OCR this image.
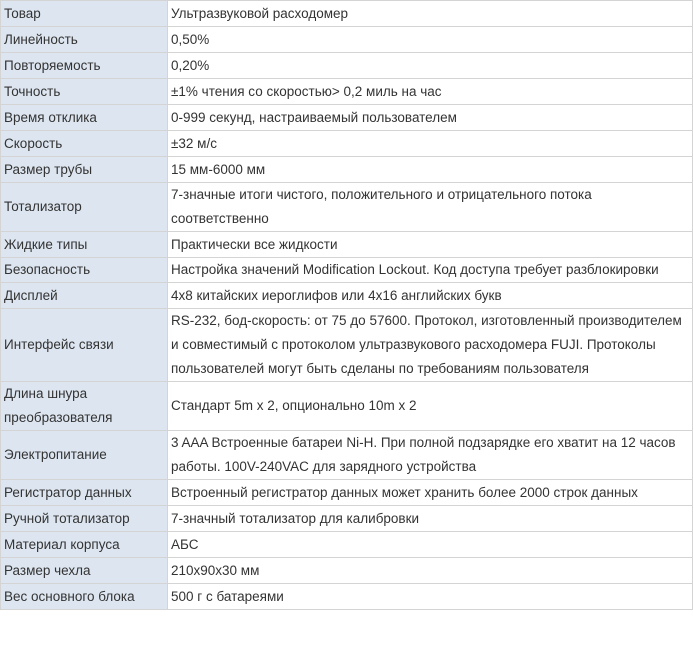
Товар	Ультразвуковой расходомер
Линейность	0,50%
Повторяемость	0,20%
Точность	±1% чтения со скоростью> 0,2 миль на час
Время отклика	0-999 секунд, настраиваемый пользователем
Скорость	±32 м/с
Размер трубы	15 мм-6000 мм
Тотализатор	7-значные итоги чистого, положительного и отрицательного потока соответственно
Жидкие типы	Практически все жидкости
Безопасность	Настройка значений Modification Lockout. Код доступа требует разблокировки
Дисплей	4x8 китайских иероглифов или 4x16 английских букв
Интерфейс связи	RS-232, бод-скорость: от 75 до 57600. Протокол, изготовленный производителем и совместимый с протоколом ультразвукового расходомера FUJI. Протоколы пользователей могут быть сделаны по требованиям пользователя
Длина шнура преобразователя	Стандарт 5m x 2, опционально 10m x 2
Электропитание	3 AAA Встроенные батареи Ni-H. При полной подзарядке его хватит на 12 часов работы. 100V-240VAC для зарядного устройства
Регистратор данных	Встроенный регистратор данных может хранить более 2000 строк данных
Ручной тотализатор	7-значный тотализатор для калибровки
Материал корпуса	АБС
Размер чехла	210x90x30 мм
Вес основного блока	500 г с батареями
